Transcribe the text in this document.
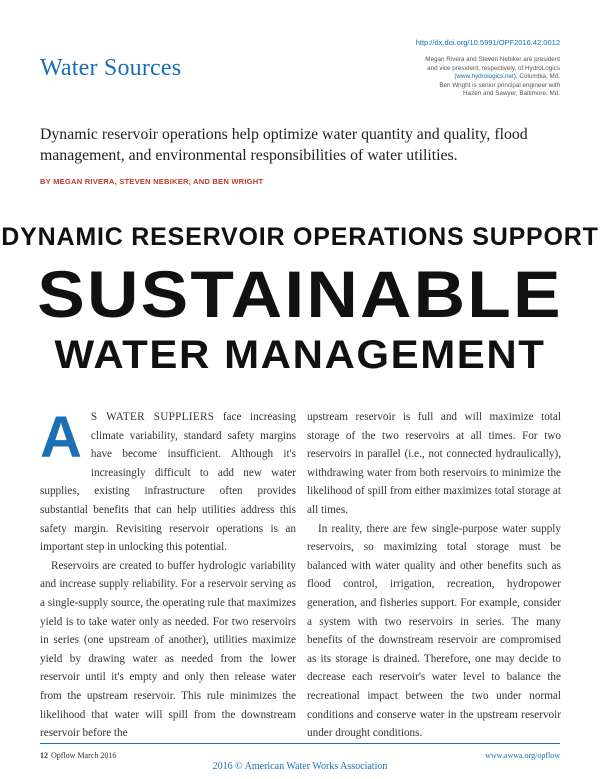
http://dx.doi.org/10.5991/OPF2016.42.0012
Water Sources	Megan Rivera and Steven Nebiker are president
and vice president, respectively, of HydroLogics
(www.hydrologics.net), Columbia, Md.
Ben Wright is senior principal engineer with
Hazen and Sawyer, Baltimore, Md.
Dynamic reservoir operations help optimize water quantity and quality, flood management, and environmental responsibilities of water utilities.
BY MEGAN RIVERA, STEVEN NEBIKER, AND BEN WRIGHT
DYNAMIC RESERVOIR OPERATIONS SUPPORT
SUSTAINABLE
WATER MANAGEMENT

A S WATER SUPPLIERS face increasing climate variability, standard safety margins have become insufficient. Although it's increasingly difficult to add new water supplies, existing infrastructure often provides substantial benefits that can help utilities address this safety margin. Revisiting reservoir operations is an important step in unlocking this potential.

Reservoirs are created to buffer hydrologic variability and increase supply reliability. For a reservoir serving as a single-supply source, the operating rule that maximizes yield is to take water only as needed. For two reservoirs in series (one upstream of another), utilities maximize yield by drawing water as needed from the lower reservoir until it's empty and only then release water from the upstream reservoir. This rule minimizes the likelihood that water will spill from the downstream reservoir before the

upstream reservoir is full and will maximize total storage of the two reservoirs at all times. For two reservoirs in parallel (i.e., not connected hydraulically), withdrawing water from both reservoirs to minimize the likelihood of spill from either maximizes total storage at all times.

In reality, there are few single-purpose water supply reservoirs, so maximizing total storage must be balanced with water quality and other benefits such as flood control, irrigation, recreation, hydropower generation, and fisheries support. For example, consider a system with two reservoirs in series. The many benefits of the downstream reservoir are compromised as its storage is drained. Therefore, one may decide to decrease each reservoir's water level to balance the recreational impact between the two under normal conditions and conserve water in the upstream reservoir under drought conditions.

12 Opflow March 2016
2016 © American Water Works Association
www.awwa.org/opflow
